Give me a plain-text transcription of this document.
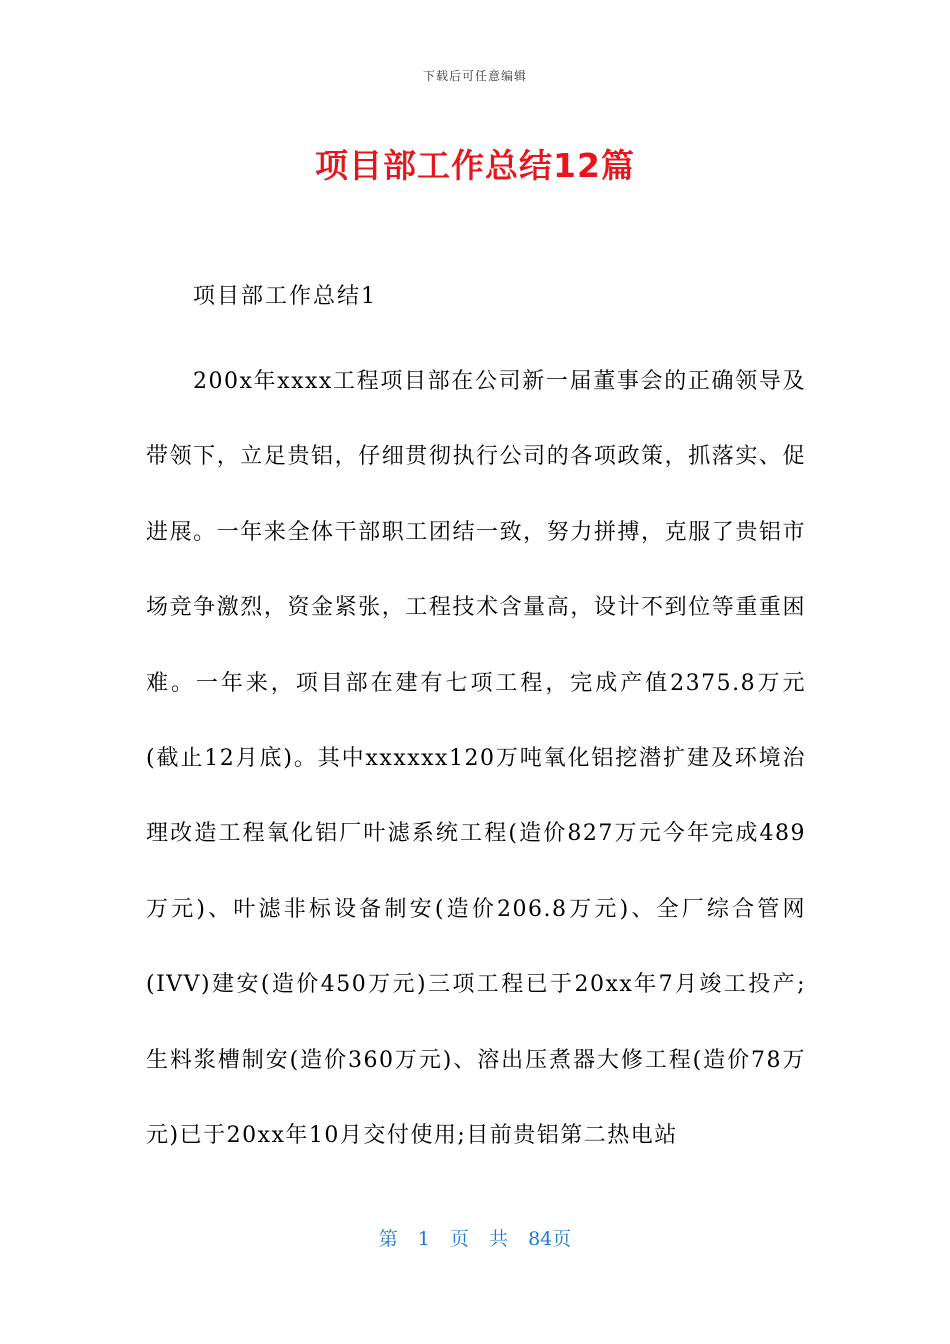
下载后可任意编辑
项目部工作总结12篇
项目部工作总结1

200x年xxxx工程项目部在公司新一届董事会的正确领导及带领下，立足贵铝，仔细贯彻执行公司的各项政策，抓落实、促进展。一年来全体干部职工团结一致，努力拼搏，克服了贵铝市场竞争激烈，资金紧张，工程技术含量高，设计不到位等重重困难。一年来，项目部在建有七项工程，完成产值2375.8万元(截止12月底)。其中xxxxxx120万吨氧化铝挖潜扩建及环境治理改造工程氧化铝厂叶滤系统工程(造价827万元今年完成489万元)、叶滤非标设备制安(造价206.8万元)、全厂综合管网(IVV)建安(造价450万元)三项工程已于20xx年7月竣工投产;生料浆槽制安(造价360万元)、溶出压煮器大修工程(造价78万元)已于20xx年10月交付使用;目前贵铝第二热电站

第 1 页 共 84页
